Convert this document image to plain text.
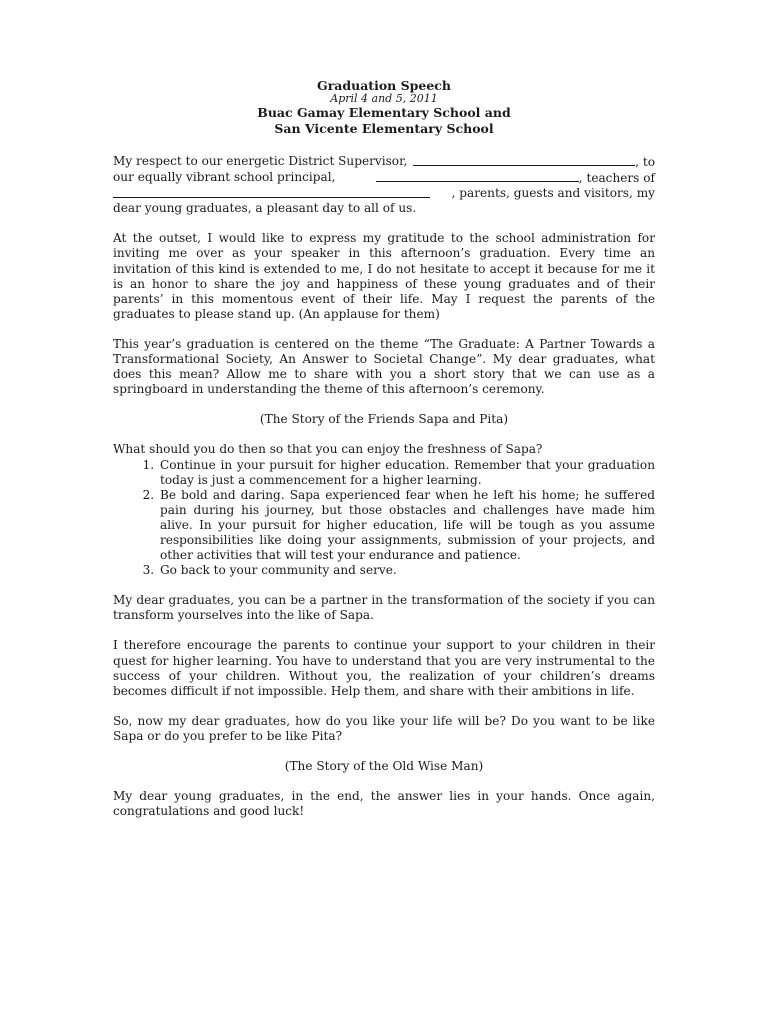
Graduation Speech

April 4 and 5, 2011

Buac Gamay Elementary School and

San Vicente Elementary School

My respect to our energetic District Supervisor,	, to
our equally vibrant school principal,	, teachers of
, parents, guests and visitors, my
dear young graduates, a pleasant day to all of us.

At the outset, I would like to express my gratitude to the school administration for inviting me over as your speaker in this afternoon’s graduation. Every time an invitation of this kind is extended to me, I do not hesitate to accept it because for me it is an honor to share the joy and happiness of these young graduates and of their parents’ in this momentous event of their life. May I request the parents of the graduates to please stand up. (An applause for them)

This year’s graduation is centered on the theme “The Graduate: A Partner Towards a Transformational Society, An Answer to Societal Change”. My dear graduates, what does this mean? Allow me to share with you a short story that we can use as a springboard in understanding the theme of this afternoon’s ceremony.

(The Story of the Friends Sapa and Pita)

What should you do then so that you can enjoy the freshness of Sapa?

1. Continue in your pursuit for higher education. Remember that your graduation today is just a commencement for a higher learning.
2. Be bold and daring. Sapa experienced fear when he left his home; he suffered pain during his journey, but those obstacles and challenges have made him alive. In your pursuit for higher education, life will be tough as you assume responsibilities like doing your assignments, submission of your projects, and other activities that will test your endurance and patience.
3. Go back to your community and serve.

My dear graduates, you can be a partner in the transformation of the society if you can transform yourselves into the like of Sapa.

I therefore encourage the parents to continue your support to your children in their quest for higher learning. You have to understand that you are very instrumental to the success of your children. Without you, the realization of your children’s dreams becomes difficult if not impossible. Help them, and share with their ambitions in life.

So, now my dear graduates, how do you like your life will be? Do you want to be like Sapa or do you prefer to be like Pita?

(The Story of the Old Wise Man)

My dear young graduates, in the end, the answer lies in your hands. Once again, congratulations and good luck!
